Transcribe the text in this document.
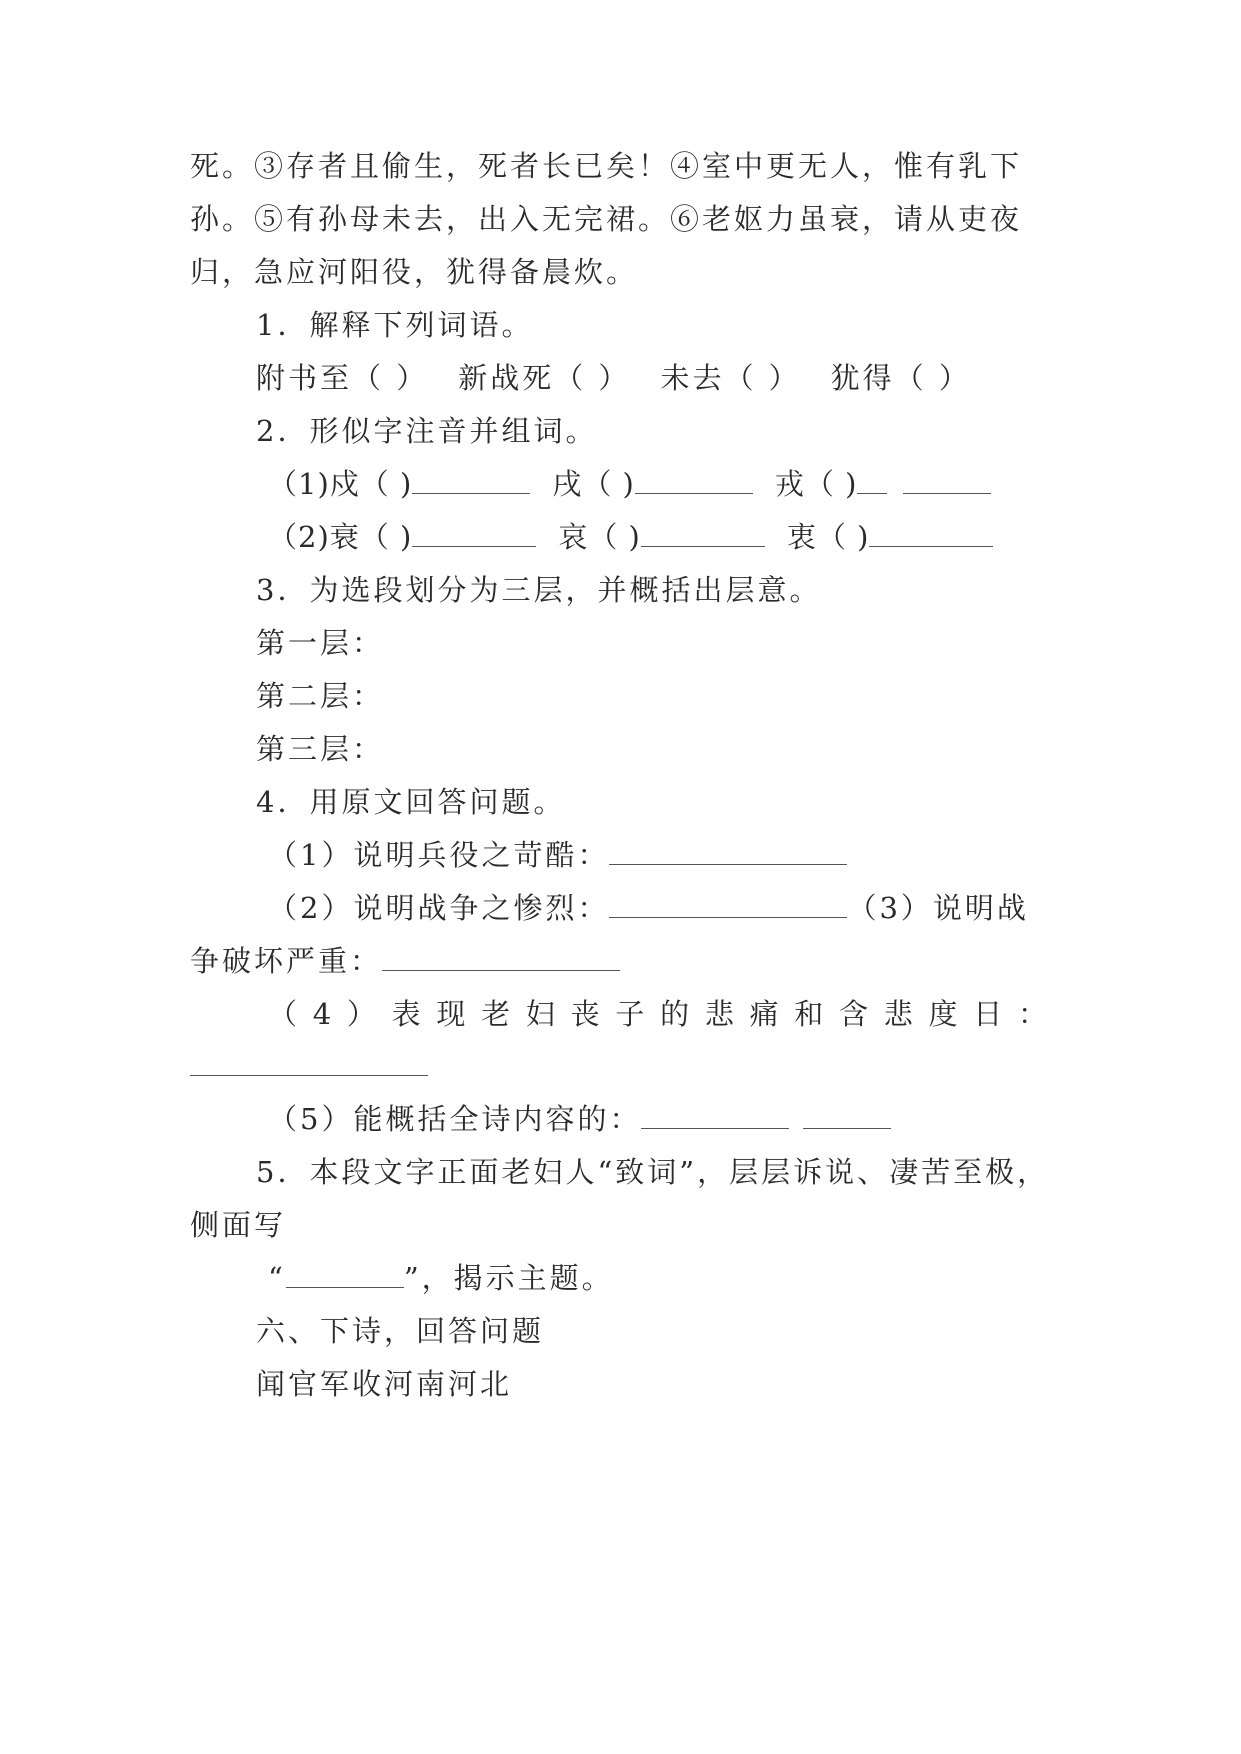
死。③存者且偷生，死者长已矣！④室中更无人，惟有乳下
孙。⑤有孙母未去，出入无完裙。⑥老妪力虽衰，请从吏夜
归，急应河阳役，犹得备晨炊。
1．解释下列词语。
附书至（ ） 新战死（ ） 未去（ ） 犹得（ ）
2．形似字注音并组词。
（1)戍（ )	戌（ )	戎（ )
（2)衰（ )	哀（ )	衷（ )
3．为选段划分为三层，并概括出层意。
第一层：
第二层：
第三层：
4．用原文回答问题。
（1）说明兵役之苛酷：
（2）说明战争之惨烈：	（3）说明战
争破坏严重：
（4）表现老妇丧子的悲痛和含悲度日：
（5）能概括全诗内容的：
5．本段文字正面老妇人“致词”，层层诉说、凄苦至极，
侧面写
“	”，揭示主题。
六、下诗，回答问题
闻官军收河南河北
